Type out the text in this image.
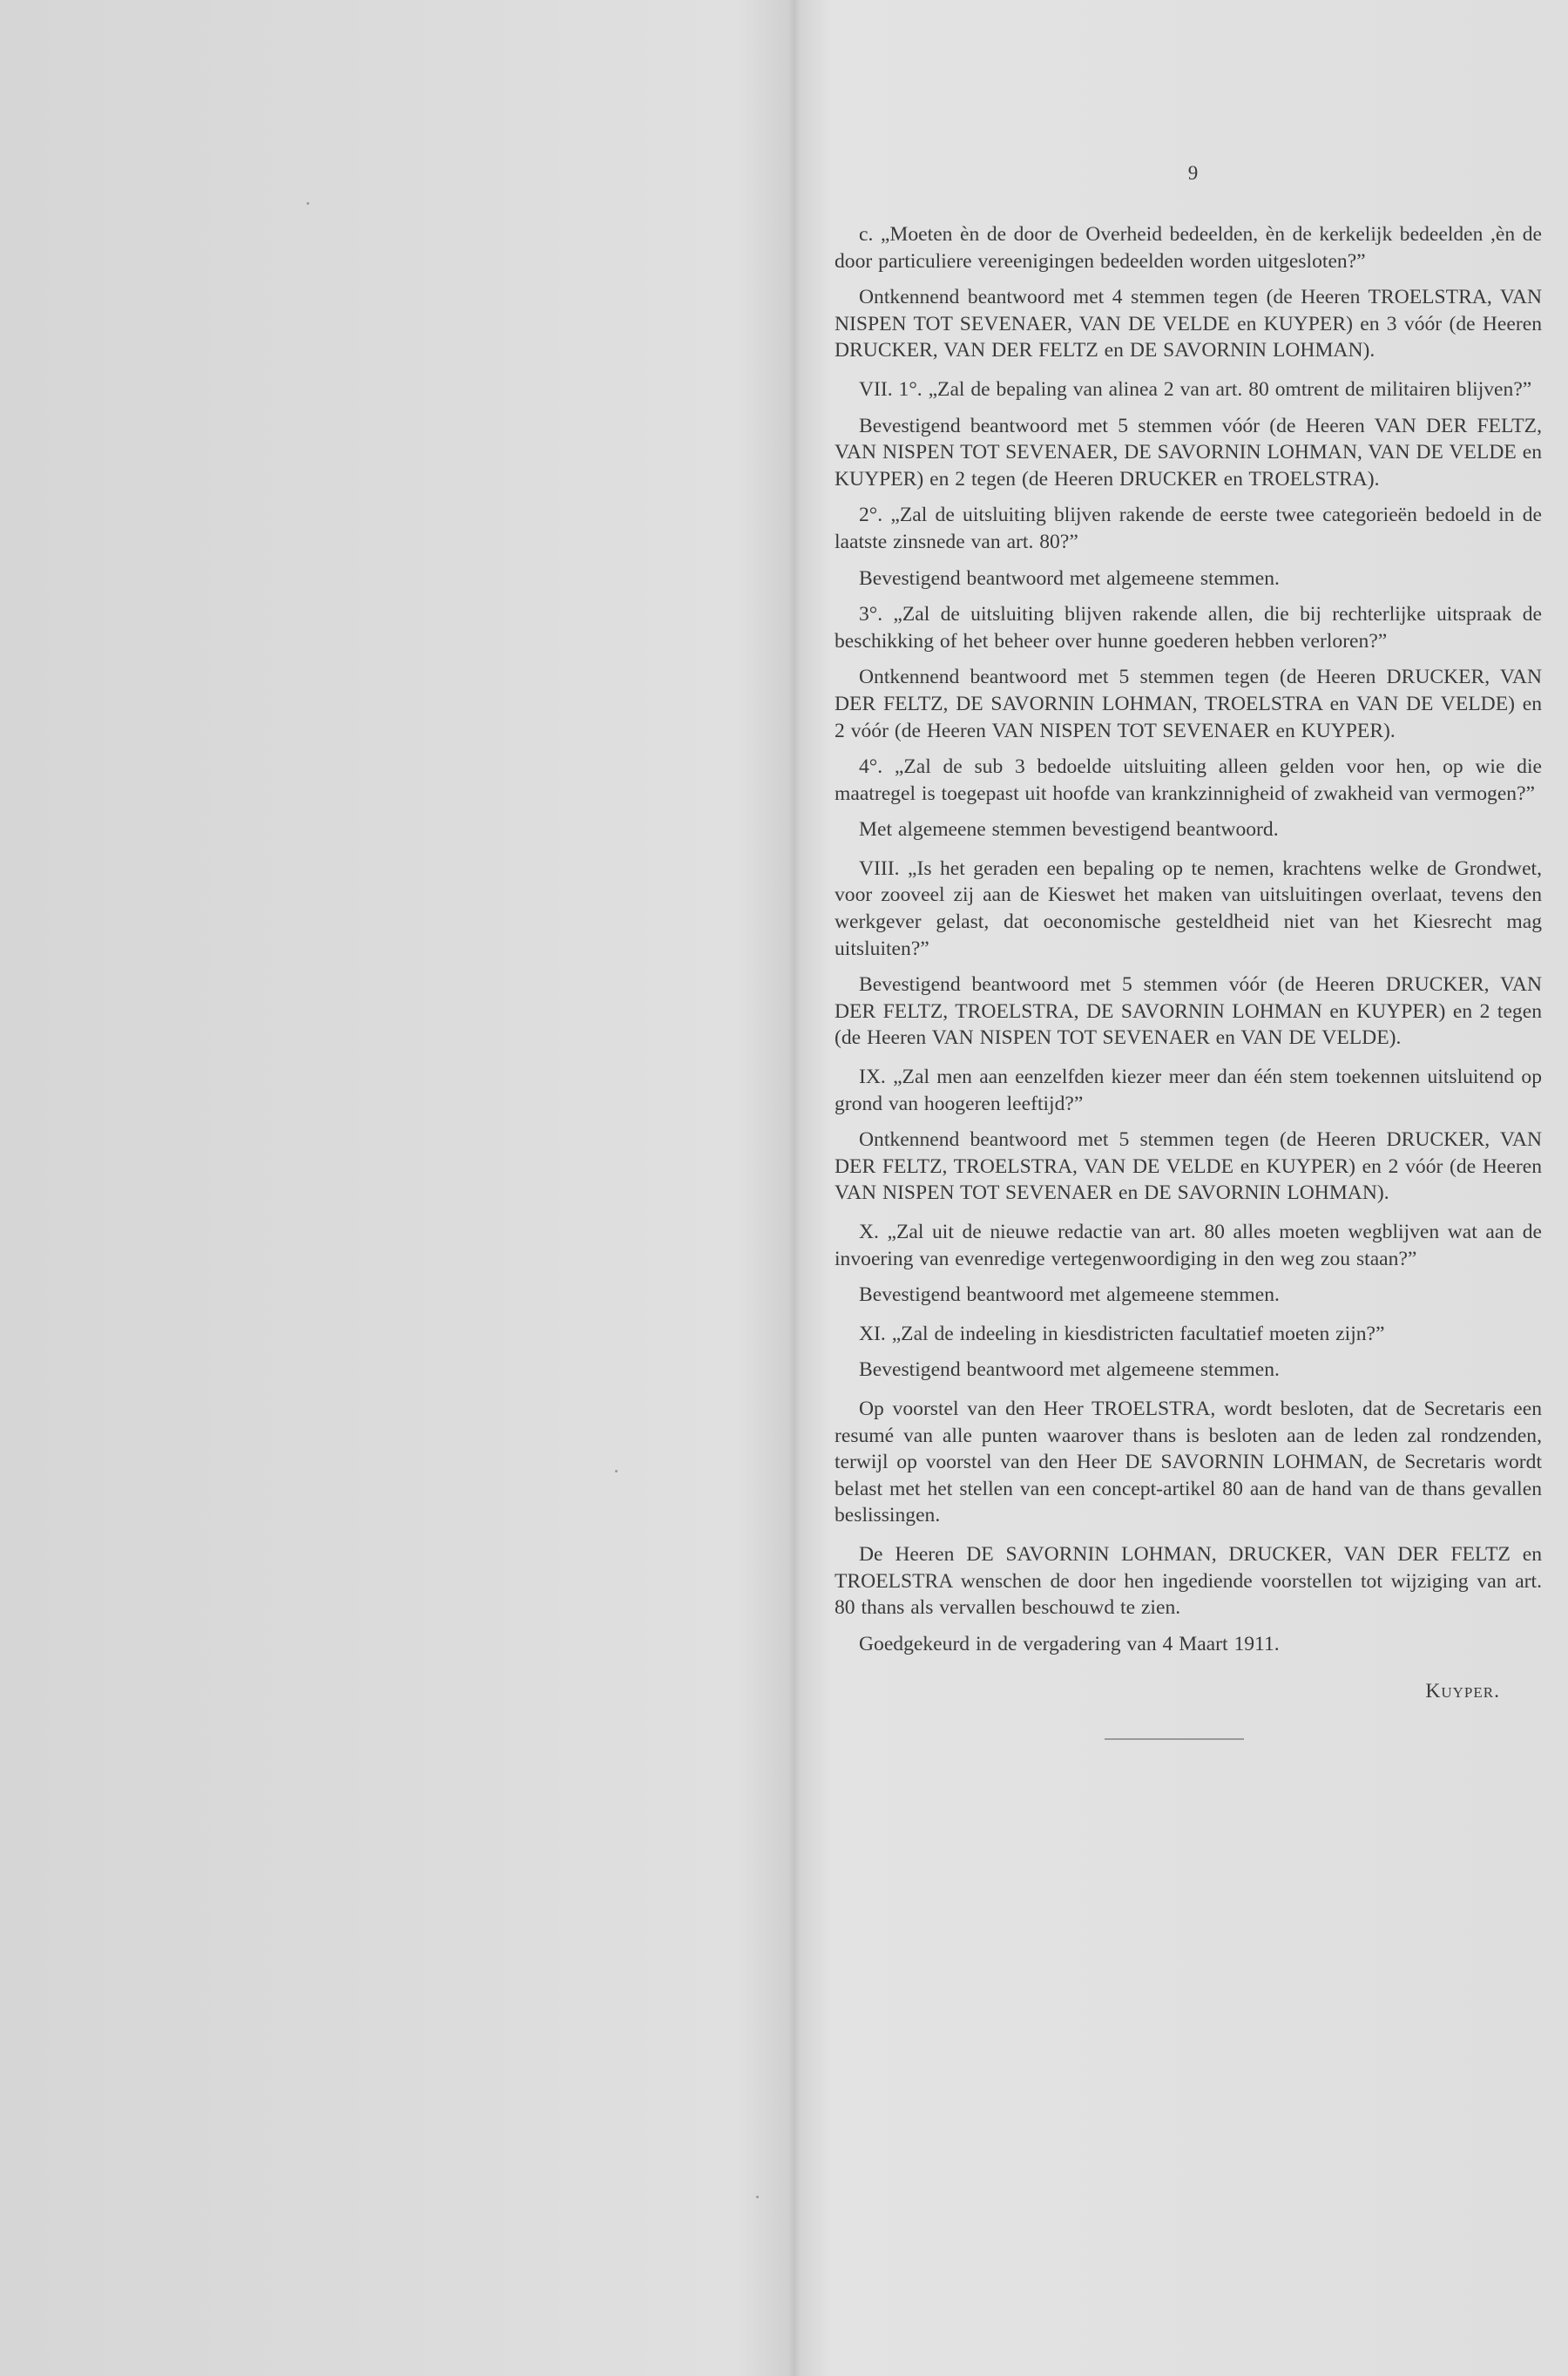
9

c. „Moeten èn de door de Overheid bedeelden, èn de kerkelijk bedeelden ,èn de door particuliere vereenigingen bedeelden worden uitgesloten?”

Ontkennend beantwoord met 4 stemmen tegen (de Heeren TROELSTRA, VAN NISPEN TOT SEVENAER, VAN DE VELDE en KUYPER) en 3 vóór (de Heeren DRUCKER, VAN DER FELTZ en DE SAVORNIN LOHMAN).

VII. 1°. „Zal de bepaling van alinea 2 van art. 80 omtrent de militairen blijven?”

Bevestigend beantwoord met 5 stemmen vóór (de Heeren VAN DER FELTZ, VAN NISPEN TOT SEVENAER, DE SAVORNIN LOHMAN, VAN DE VELDE en KUYPER) en 2 tegen (de Heeren DRUCKER en TROELSTRA).

2°. „Zal de uitsluiting blijven rakende de eerste twee categorieën bedoeld in de laatste zinsnede van art. 80?”

Bevestigend beantwoord met algemeene stemmen.

3°. „Zal de uitsluiting blijven rakende allen, die bij rechterlijke uitspraak de beschikking of het beheer over hunne goederen hebben verloren?”

Ontkennend beantwoord met 5 stemmen tegen (de Heeren DRUCKER, VAN DER FELTZ, DE SAVORNIN LOHMAN, TROELSTRA en VAN DE VELDE) en 2 vóór (de Heeren VAN NISPEN TOT SEVENAER en KUYPER).

4°. „Zal de sub 3 bedoelde uitsluiting alleen gelden voor hen, op wie die maatregel is toegepast uit hoofde van krankzinnigheid of zwakheid van vermogen?”

Met algemeene stemmen bevestigend beantwoord.

VIII. „Is het geraden een bepaling op te nemen, krachtens welke de Grondwet, voor zooveel zij aan de Kieswet het maken van uitsluitingen overlaat, tevens den werkgever gelast, dat oeconomische gesteldheid niet van het Kiesrecht mag uitsluiten?”

Bevestigend beantwoord met 5 stemmen vóór (de Heeren DRUCKER, VAN DER FELTZ, TROELSTRA, DE SAVORNIN LOHMAN en KUYPER) en 2 tegen (de Heeren VAN NISPEN TOT SEVENAER en VAN DE VELDE).

IX. „Zal men aan eenzelfden kiezer meer dan één stem toekennen uitsluitend op grond van hoogeren leeftijd?”

Ontkennend beantwoord met 5 stemmen tegen (de Heeren DRUCKER, VAN DER FELTZ, TROELSTRA, VAN DE VELDE en KUYPER) en 2 vóór (de Heeren VAN NISPEN TOT SEVENAER en DE SAVORNIN LOHMAN).

X. „Zal uit de nieuwe redactie van art. 80 alles moeten wegblijven wat aan de invoering van evenredige vertegenwoordiging in den weg zou staan?”

Bevestigend beantwoord met algemeene stemmen.

XI. „Zal de indeeling in kiesdistricten facultatief moeten zijn?”

Bevestigend beantwoord met algemeene stemmen.

Op voorstel van den Heer TROELSTRA, wordt besloten, dat de Secretaris een resumé van alle punten waarover thans is besloten aan de leden zal rondzenden, terwijl op voorstel van den Heer DE SAVORNIN LOHMAN, de Secretaris wordt belast met het stellen van een concept-artikel 80 aan de hand van de thans gevallen beslissingen.

De Heeren DE SAVORNIN LOHMAN, DRUCKER, VAN DER FELTZ en TROELSTRA wenschen de door hen ingediende voorstellen tot wijziging van art. 80 thans als vervallen beschouwd te zien.

Goedgekeurd in de vergadering van 4 Maart 1911.

Kuyper.
